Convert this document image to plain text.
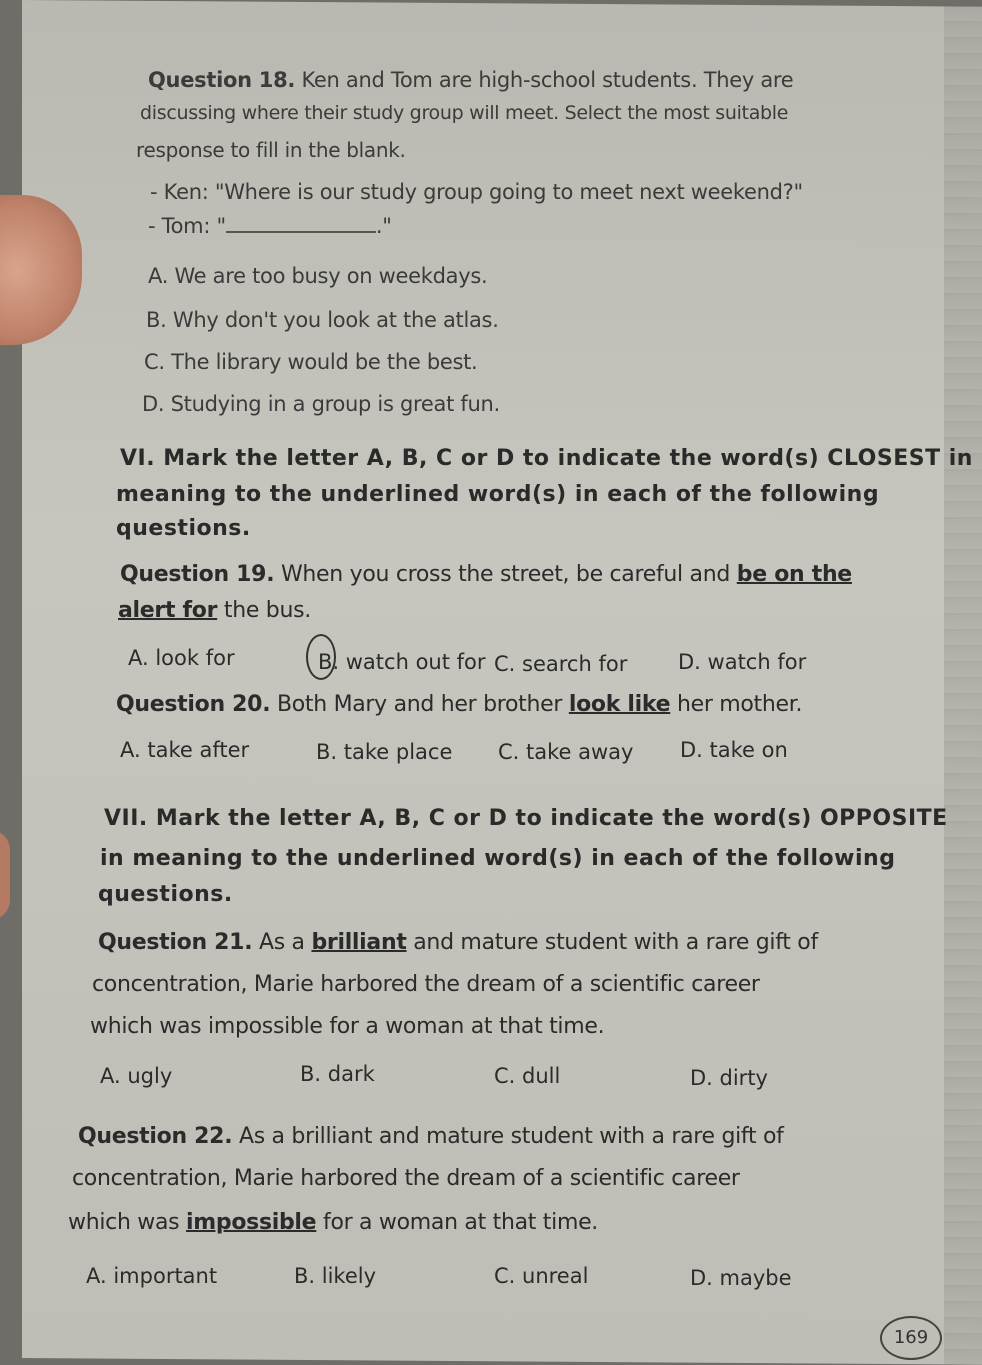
Question 18. Ken and Tom are high-school students. They are
discussing where their study group will meet. Select the most suitable
response to fill in the blank.
- Ken: "Where is our study group going to meet next weekend?"
- Tom: "	."
A. We are too busy on weekdays.
B. Why don't you look at the atlas.
C. The library would be the best.
D. Studying in a group is great fun.
VI. Mark the letter A, B, C or D to indicate the word(s) CLOSEST in
meaning to the underlined word(s) in each of the following
questions.
Question 19. When you cross the street, be careful and be on the
alert for the bus.
A. look for	B. watch out for C. search for D. watch for
Question 20. Both Mary and her brother look like her mother.
A. take after	B. take place C. take away D. take on
VII. Mark the letter A, B, C or D to indicate the word(s) OPPOSITE
in meaning to the underlined word(s) in each of the following
questions.
Question 21. As a brilliant and mature student with a rare gift of
concentration, Marie harbored the dream of a scientific career
which was impossible for a woman at that time.
A. ugly	B. dark	C. dull	D. dirty
Question 22. As a brilliant and mature student with a rare gift of
concentration, Marie harbored the dream of a scientific career
which was impossible for a woman at that time.
A. important	B. likely	C. unreal	D. maybe
169
